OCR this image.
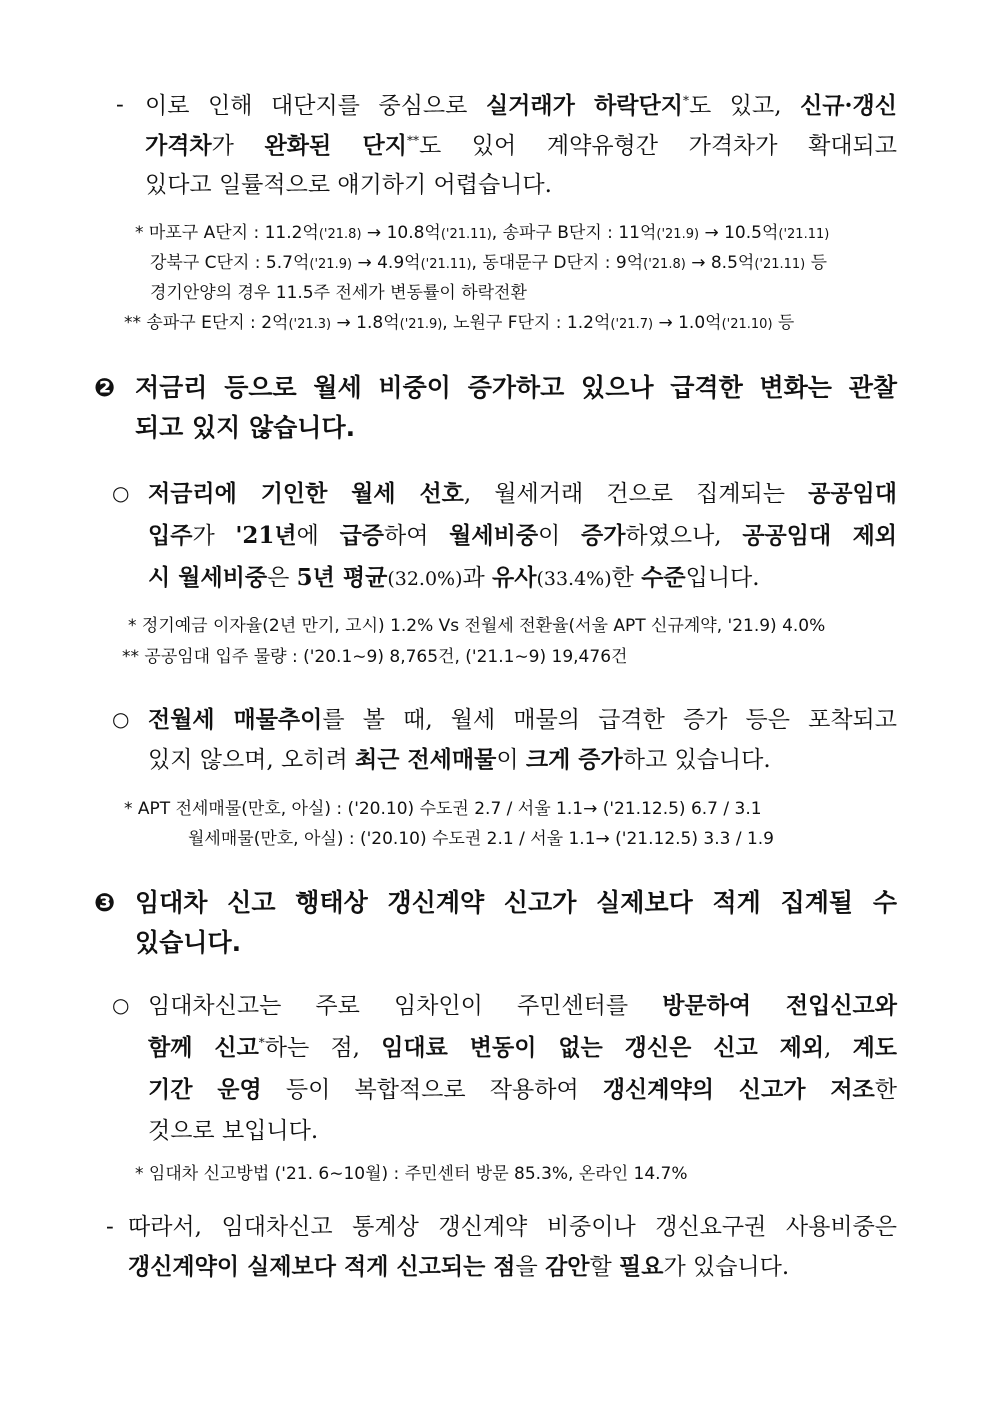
- 이로 인해 대단지를 중심으로 실거래가 하락단지*도 있고, 신규·갱신
가격차가 완화된 단지**도 있어 계약유형간 가격차가 확대되고
있다고 일률적으로 얘기하기 어렵습니다.
* 마포구 A단지 : 11.2억('21.8) → 10.8억('21.11), 송파구 B단지 : 11억('21.9) → 10.5억('21.11)
강북구 C단지 : 5.7억('21.9) → 4.9억('21.11), 동대문구 D단지 : 9억('21.8) → 8.5억('21.11) 등
경기안양의 경우 11.5주 전세가 변동률이 하락전환
** 송파구 E단지 : 2억('21.3) → 1.8억('21.9), 노원구 F단지 : 1.2억('21.7) → 1.0억('21.10) 등
❷ 저금리 등으로 월세 비중이 증가하고 있으나 급격한 변화는 관찰
되고 있지 않습니다.
○ 저금리에 기인한 월세 선호, 월세거래 건으로 집계되는 공공임대
입주가 '21년에 급증하여 월세비중이 증가하였으나, 공공임대 제외
시 월세비중은 5년 평균(32.0%)과 유사(33.4%)한 수준입니다.
* 정기예금 이자율(2년 만기, 고시) 1.2% Vs 전월세 전환율(서울 APT 신규계약, '21.9) 4.0%
** 공공임대 입주 물량 : ('20.1∼9) 8,765건, ('21.1∼9) 19,476건
○ 전월세 매물추이를 볼 때, 월세 매물의 급격한 증가 등은 포착되고
있지 않으며, 오히려 최근 전세매물이 크게 증가하고 있습니다.
* APT 전세매물(만호, 아실) : ('20.10) 수도권 2.7 / 서울 1.1→ ('21.12.5) 6.7 / 3.1
월세매물(만호, 아실) : ('20.10) 수도권 2.1 / 서울 1.1→ ('21.12.5) 3.3 / 1.9
❸ 임대차 신고 행태상 갱신계약 신고가 실제보다 적게 집계될 수
있습니다.
○ 임대차신고는 주로 임차인이 주민센터를 방문하여 전입신고와
함께 신고*하는 점, 임대료 변동이 없는 갱신은 신고 제외, 계도
기간 운영 등이 복합적으로 작용하여 갱신계약의 신고가 저조한
것으로 보입니다.
* 임대차 신고방법 ('21. 6∼10월) : 주민센터 방문 85.3%, 온라인 14.7%
- 따라서, 임대차신고 통계상 갱신계약 비중이나 갱신요구권 사용비중은
갱신계약이 실제보다 적게 신고되는 점을 감안할 필요가 있습니다.
